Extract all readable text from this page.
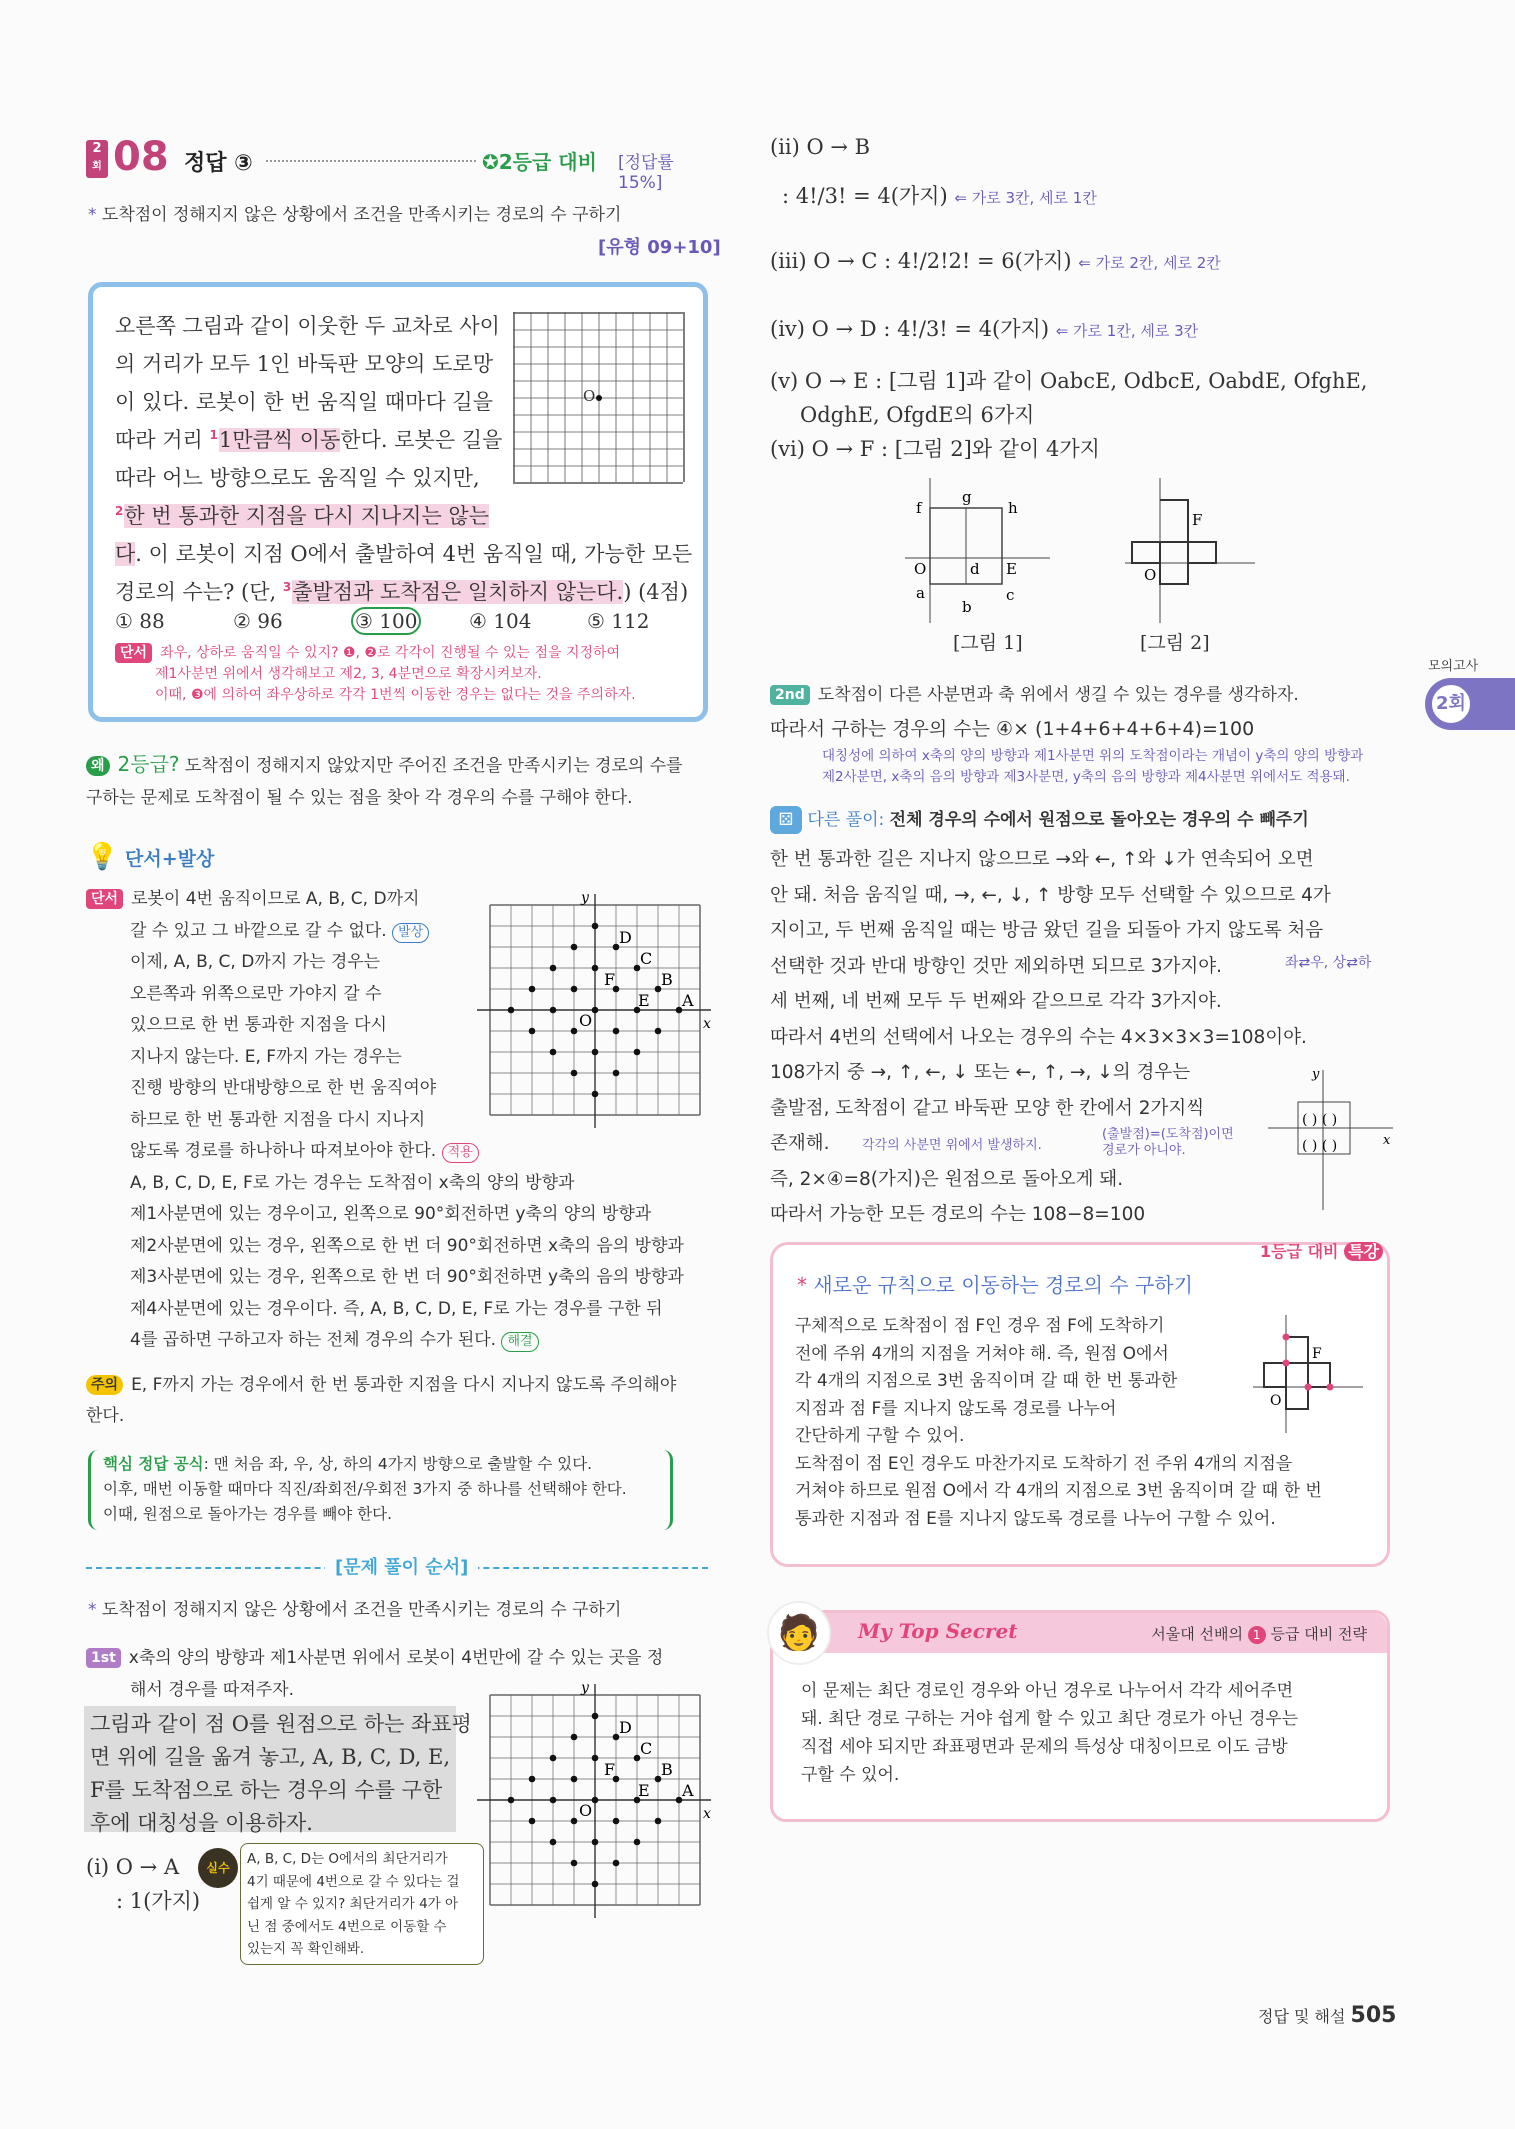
2
회 08 정답 ③	✪2등급 대비 [정답률 15%]
* 도착점이 정해지지 않은 상황에서 조건을 만족시키는 경로의 수 구하기
[유형 09+10]
오른쪽 그림과 같이 이웃한 두 교차로 사이
의 거리가 모두 1인 바둑판 모양의 도로망
이 있다. 로봇이 한 번 움직일 때마다 길을
따라 거리 $^1$1만큼씩 이동한다. 로봇은 길을
따라 어느 방향으로도 움직일 수 있지만,
$^2$한 번 통과한 지점을 다시 지나지는 않는
다. 이 로봇이 지점 O에서 출발하여 4번 움직일 때, 가능한 모든
경로의 수는? (단, $^3$출발점과 도착점은 일치하지 않는다.) (4점)
O
① 88	② 96	③ 100	④ 104	⑤ 112
단서 좌우, 상하로 움직일 수 있지? ❶, ❷로 각각이 진행될 수 있는 점을 지정하여
제1사분면 위에서 생각해보고 제2, 3, 4분면으로 확장시켜보자.
이때, ❸에 의하여 좌우상하로 각각 1번씩 이동한 경우는 없다는 것을 주의하자.
왜 2등급? 도착점이 정해지지 않았지만 주어진 조건을 만족시키는 경로의 수를
구하는 문제로 도착점이 될 수 있는 점을 찾아 각 경우의 수를 구해야 한다.
💡 단서+발상
단서 로봇이 4번 움직이므로 A, B, C, D까지
갈 수 있고 그 바깥으로 갈 수 없다. 발상
이제, A, B, C, D까지 가는 경우는
오른쪽과 위쪽으로만 가야지 갈 수
있으므로 한 번 통과한 지점을 다시
지나지 않는다. E, F까지 가는 경우는
진행 방향의 반대방향으로 한 번 움직여야
하므로 한 번 통과한 지점을 다시 지나지
않도록 경로를 하나하나 따져보아야 한다. 적용
A, B, C, D, E, F로 가는 경우는 도착점이 x축의 양의 방향과
제1사분면에 있는 경우이고, 왼쪽으로 90°회전하면 y축의 양의 방향과
제2사분면에 있는 경우, 왼쪽으로 한 번 더 90°회전하면 x축의 음의 방향과
제3사분면에 있는 경우, 왼쪽으로 한 번 더 90°회전하면 y축의 음의 방향과
제4사분면에 있는 경우이다. 즉, A, B, C, D, E, F로 가는 경우를 구한 뒤
4를 곱하면 구하고자 하는 전체 경우의 수가 된다. 해결
A
B
C
D
E
F
O	x
y
주의 E, F까지 가는 경우에서 한 번 통과한 지점을 다시 지나지 않도록 주의해야
한다.
핵심 정답 공식: 맨 처음 좌, 우, 상, 하의 4가지 방향으로 출발할 수 있다.
이후, 매번 이동할 때마다 직진/좌회전/우회전 3가지 중 하나를 선택해야 한다.
이때, 원점으로 돌아가는 경우를 빼야 한다.
[문제 풀이 순서]
* 도착점이 정해지지 않은 상황에서 조건을 만족시키는 경로의 수 구하기
1st x축의 양의 방향과 제1사분면 위에서 로봇이 4번만에 갈 수 있는 곳을 정
해서 경우를 따져주자.
그림과 같이 점 O를 원점으로 하는 좌표평
면 위에 길을 옮겨 놓고, A, B, C, D, E,
F를 도착점으로 하는 경우의 수를 구한
후에 대칭성을 이용하자.
A
B
C
D
E
F
O	x
y
(i) O → A
: 1(가지)
실수
A, B, C, D는 O에서의 최단거리가
4기 때문에 4번으로 갈 수 있다는 걸
쉽게 알 수 있지? 최단거리가 4가 아
닌 점 중에서도 4번으로 이동할 수
있는지 꼭 확인해봐.
(ii) O → B
: 4!/3! = 4(가지) ⇐ 가로 3칸, 세로 1칸
(iii) O → C : 4!/2!2! = 6(가지) ⇐ 가로 2칸, 세로 2칸
(iv) O → D : 4!/3! = 4(가지) ⇐ 가로 1칸, 세로 3칸
(v) O → E : [그림 1]과 같이 OabcE, OdbcE, OabdE, OfghE,
OdghE, OfgdE의 6가지
(vi) O → F : [그림 2]와 같이 4가지
f
g
h
O	d E
a
b
c
F
O
[그림 1]	[그림 2]
2nd 도착점이 다른 사분면과 축 위에서 생길 수 있는 경우를 생각하자.
따라서 구하는 경우의 수는 ④× (1+4+6+4+6+4)=100
대칭성에 의하여 x축의 양의 방향과 제1사분면 위의 도착점이라는 개념이 y축의 양의 방향과
제2사분면, x축의 음의 방향과 제3사분면, y축의 음의 방향과 제4사분면 위에서도 적용돼.
⚄ 다른 풀이: 전체 경우의 수에서 원점으로 돌아오는 경우의 수 빼주기
한 번 통과한 길은 지나지 않으므로 →와 ←, ↑와 ↓가 연속되어 오면
안 돼. 처음 움직일 때, →, ←, ↓, ↑ 방향 모두 선택할 수 있으므로 4가
지이고, 두 번째 움직일 때는 방금 왔던 길을 되돌아 가지 않도록 처음
선택한 것과 반대 방향인 것만 제외하면 되므로 3가지야.
세 번째, 네 번째 모두 두 번째와 같으므로 각각 3가지야.
따라서 4번의 선택에서 나오는 경우의 수는 4×3×3×3=108이야.
108가지 중 →, ↑, ←, ↓ 또는 ←, ↑, →, ↓의 경우는
출발점, 도착점이 같고 바둑판 모양 한 칸에서 2가지씩
존재해.
즉, 2×④=8(가지)은 원점으로 돌아오게 돼.
따라서 가능한 모든 경로의 수는 108−8=100
좌⇄우, 상⇄하
각각의 사분면 위에서 발생하지.
(출발점)=(도착점)이면
경로가 아니야.
( ) ( )
( ) ( )	x
y
1등급 대비 특강
* 새로운 규칙으로 이동하는 경로의 수 구하기
구체적으로 도착점이 점 F인 경우 점 F에 도착하기
전에 주위 4개의 지점을 거쳐야 해. 즉, 원점 O에서
각 4개의 지점으로 3번 움직이며 갈 때 한 번 통과한
지점과 점 F를 지나지 않도록 경로를 나누어
간단하게 구할 수 있어.
도착점이 점 E인 경우도 마찬가지로 도착하기 전 주위 4개의 지점을
거쳐야 하므로 원점 O에서 각 4개의 지점으로 3번 움직이며 갈 때 한 번
통과한 지점과 점 E를 지나지 않도록 경로를 나누어 구할 수 있어.
F
O
🧑	My Top Secret	서울대 선배의 1 등급 대비 전략
이 문제는 최단 경로인 경우와 아닌 경우로 나누어서 각각 세어주면
돼. 최단 경로 구하는 거야 쉽게 할 수 있고 최단 경로가 아닌 경우는
직접 세야 되지만 좌표평면과 문제의 특성상 대칭이므로 이도 금방
구할 수 있어.
모의고사
2회
정답 및 해설 505
